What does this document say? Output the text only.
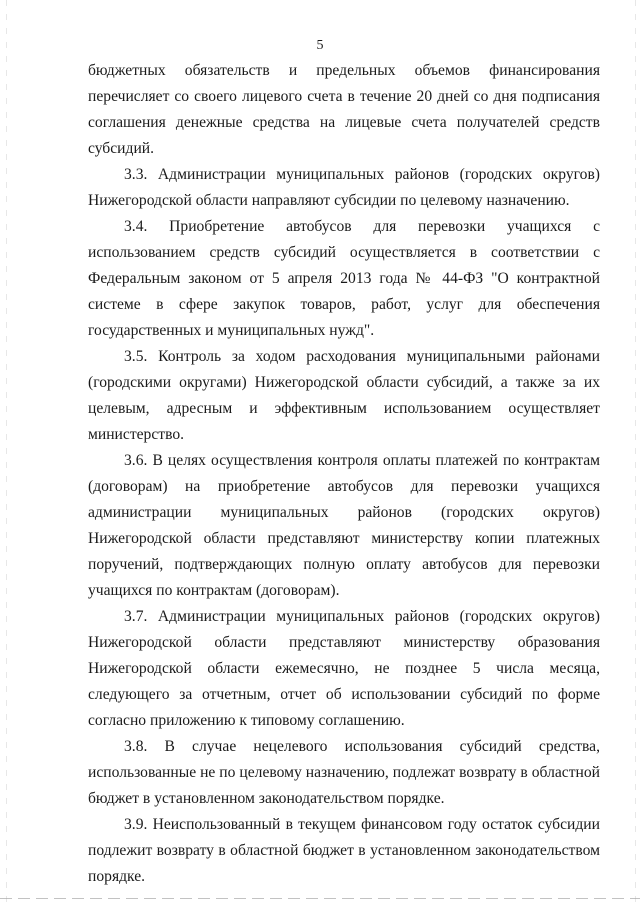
5

бюджетных обязательств и предельных объемов финансирования перечисляет со своего лицевого счета в течение 20 дней со дня подписания соглашения денежные средства на лицевые счета получателей средств субсидий.

3.3. Администрации муниципальных районов (городских округов) Нижегородской области направляют субсидии по целевому назначению.

3.4. Приобретение автобусов для перевозки учащихся с использованием средств субсидий осуществляется в соответствии с Федеральным законом от 5 апреля 2013 года № 44-ФЗ "О контрактной системе в сфере закупок товаров, работ, услуг для обеспечения государственных и муниципальных нужд".

3.5. Контроль за ходом расходования муниципальными районами (городскими округами) Нижегородской области субсидий, а также за их целевым, адресным и эффективным использованием осуществляет министерство.

3.6. В целях осуществления контроля оплаты платежей по контрактам (договорам) на приобретение автобусов для перевозки учащихся администрации муниципальных районов (городских округов) Нижегородской области представляют министерству копии платежных поручений, подтверждающих полную оплату автобусов для перевозки учащихся по контрактам (договорам).

3.7. Администрации муниципальных районов (городских округов) Нижегородской области представляют министерству образования Нижегородской области ежемесячно, не позднее 5 числа месяца, следующего за отчетным, отчет об использовании субсидий по форме согласно приложению к типовому соглашению.

3.8. В случае нецелевого использования субсидий средства, использованные не по целевому назначению, подлежат возврату в областной бюджет в установленном законодательством порядке.

3.9. Неиспользованный в текущем финансовом году остаток субсидии подлежит возврату в областной бюджет в установленном законодательством порядке.
